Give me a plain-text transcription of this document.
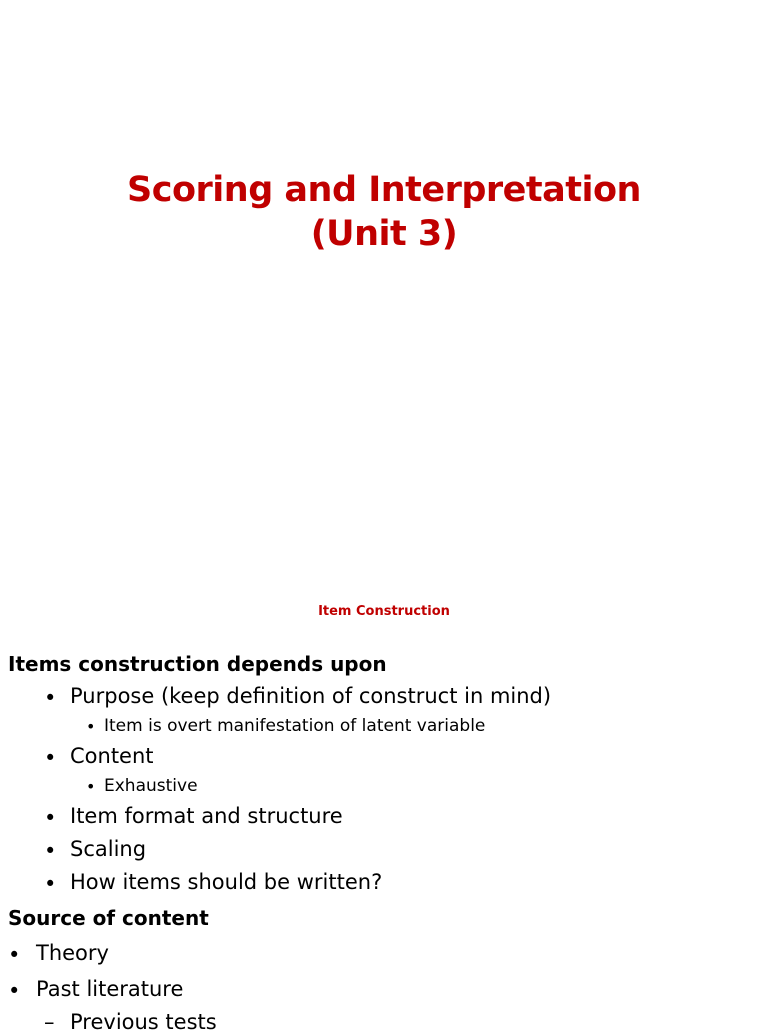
Scoring and Interpretation
(Unit 3)
Item Construction
Items construction depends upon
• Purpose (keep definition of construct in mind)
• Item is overt manifestation of latent variable
• Content
• Exhaustive
• Item format and structure
• Scaling
• How items should be written?
Source of content
• Theory
• Past literature
– Previous tests
